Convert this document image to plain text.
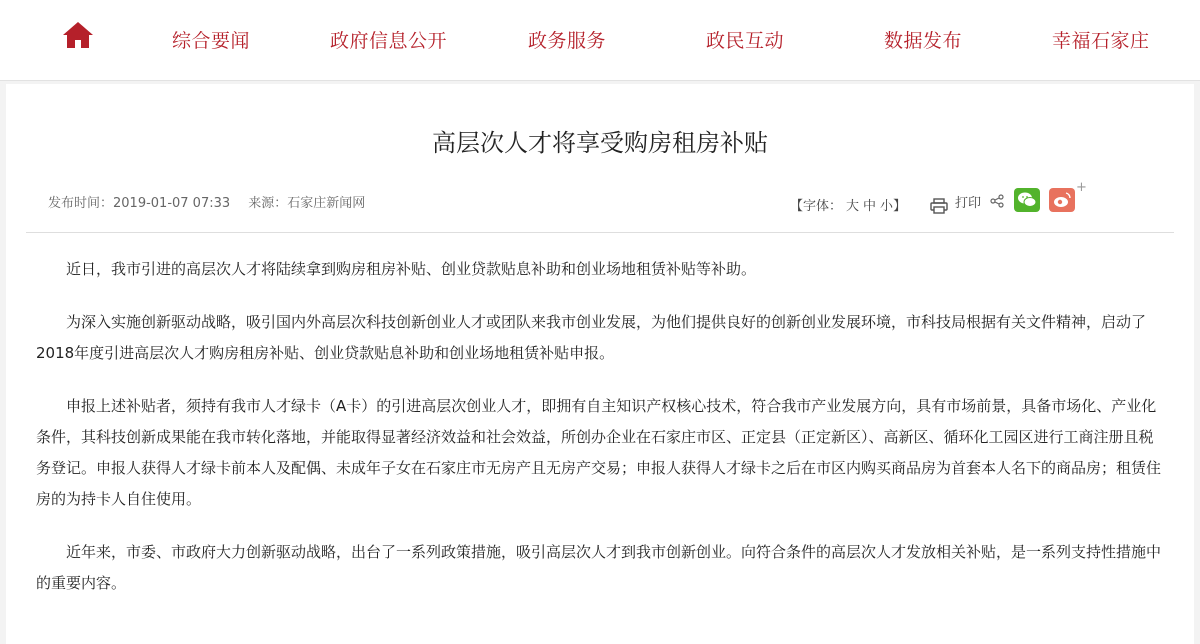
综合要闻	政府信息公开	政务服务	政民互动	数据发布	幸福石家庄
高层次人才将享受购房租房补贴
发布时间：2019-01-07 07:33 来源：石家庄新闻网	【字体： 大 中 小】	打印
+

近日，我市引进的高层次人才将陆续拿到购房租房补贴、创业贷款贴息补助和创业场地租赁补贴等补助。

为深入实施创新驱动战略，吸引国内外高层次科技创新创业人才或团队来我市创业发展，为他们提供良好的创新创业发展环境，市科技局根据有关文件精神，启动了2018年度引进高层次人才购房租房补贴、创业贷款贴息补助和创业场地租赁补贴申报。

申报上述补贴者，须持有我市人才绿卡（A卡）的引进高层次创业人才，即拥有自主知识产权核心技术，符合我市产业发展方向，具有市场前景，具备市场化、产业化条件，其科技创新成果能在我市转化落地，并能取得显著经济效益和社会效益，所创办企业在石家庄市区、正定县（正定新区）、高新区、循环化工园区进行工商注册且税务登记。申报人获得人才绿卡前本人及配偶、未成年子女在石家庄市无房产且无房产交易；申报人获得人才绿卡之后在市区内购买商品房为首套本人名下的商品房；租赁住房的为持卡人自住使用。

近年来，市委、市政府大力创新驱动战略，出台了一系列政策措施，吸引高层次人才到我市创新创业。向符合条件的高层次人才发放相关补贴，是一系列支持性措施中的重要内容。
